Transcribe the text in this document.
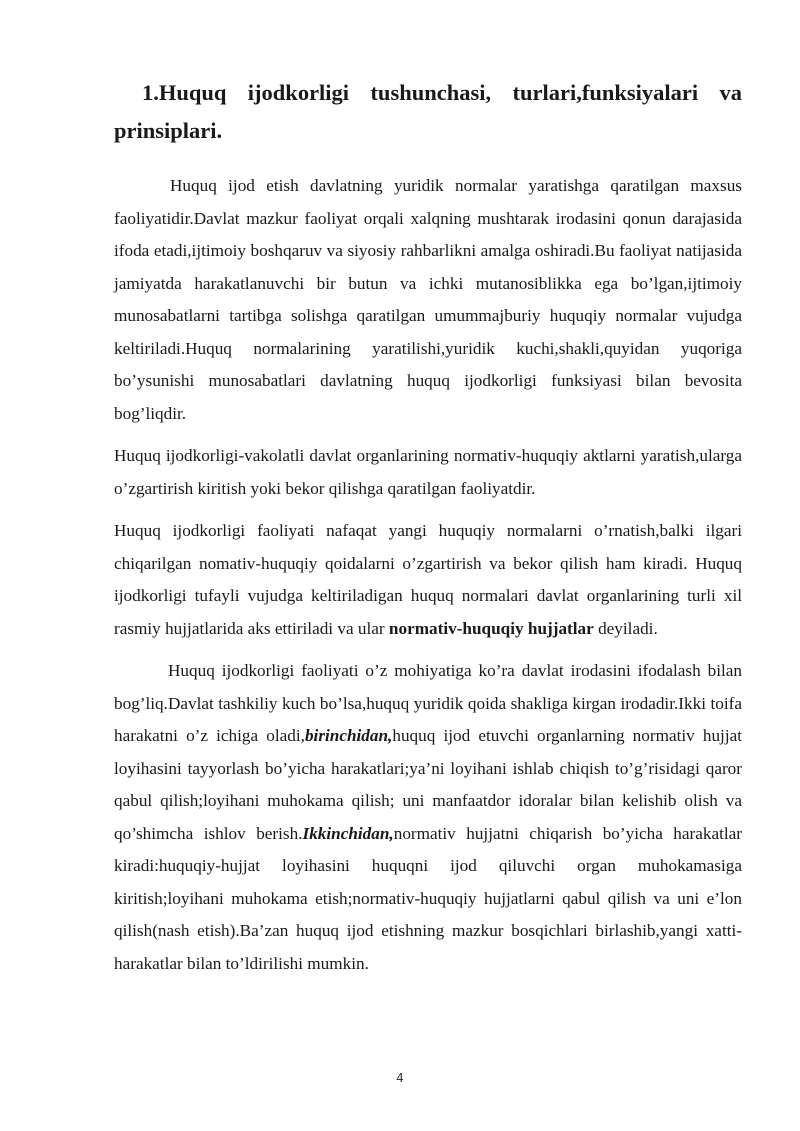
1.Huquq ijodkorligi tushunchasi, turlari,funksiyalari va prinsiplari.

Huquq ijod etish davlatning yuridik normalar yaratishga qaratilgan maxsus faoliyatidir.Davlat mazkur faoliyat orqali xalqning mushtarak irodasini qonun darajasida ifoda etadi,ijtimoiy boshqaruv va siyosiy rahbarlikni amalga oshiradi.Bu faoliyat natijasida jamiyatda harakatlanuvchi bir butun va ichki mutanosiblikka ega bo’lgan,ijtimoiy munosabatlarni tartibga solishga qaratilgan umummajburiy huquqiy normalar vujudga keltiriladi.Huquq normalarining yaratilishi,yuridik kuchi,shakli,quyidan yuqoriga bo’ysunishi munosabatlari davlatning huquq ijodkorligi funksiyasi bilan bevosita bog’liqdir.

Huquq ijodkorligi-vakolatli davlat organlarining normativ-huquqiy aktlarni yaratish,ularga o’zgartirish kiritish yoki bekor qilishga qaratilgan faoliyatdir.

Huquq ijodkorligi faoliyati nafaqat yangi huquqiy normalarni o’rnatish,balki ilgari chiqarilgan nomativ-huquqiy qoidalarni o’zgartirish va bekor qilish ham kiradi. Huquq ijodkorligi tufayli vujudga keltiriladigan huquq normalari davlat organlarining turli xil rasmiy hujjatlarida aks ettiriladi va ular normativ-huquqiy hujjatlar deyiladi.

Huquq ijodkorligi faoliyati o’z mohiyatiga ko’ra davlat irodasini ifodalash bilan bog’liq.Davlat tashkiliy kuch bo’lsa,huquq yuridik qoida shakliga kirgan irodadir.Ikki toifa harakatni o’z ichiga oladi,birinchidan,huquq ijod etuvchi organlarning normativ hujjat loyihasini tayyorlash bo’yicha harakatlari;ya’ni loyihani ishlab chiqish to’g’risidagi qaror qabul qilish;loyihani muhokama qilish; uni manfaatdor idoralar bilan kelishib olish va qo’shimcha ishlov berish.Ikkinchidan,normativ hujjatni chiqarish bo’yicha harakatlar kiradi:huquqiy-hujjat loyihasini huquqni ijod qiluvchi organ muhokamasiga kiritish;loyihani muhokama etish;normativ-huquqiy hujjatlarni qabul qilish va uni e’lon qilish(nash etish).Ba’zan huquq ijod etishning mazkur bosqichlari birlashib,yangi xatti-harakatlar bilan to’ldirilishi mumkin.

4
